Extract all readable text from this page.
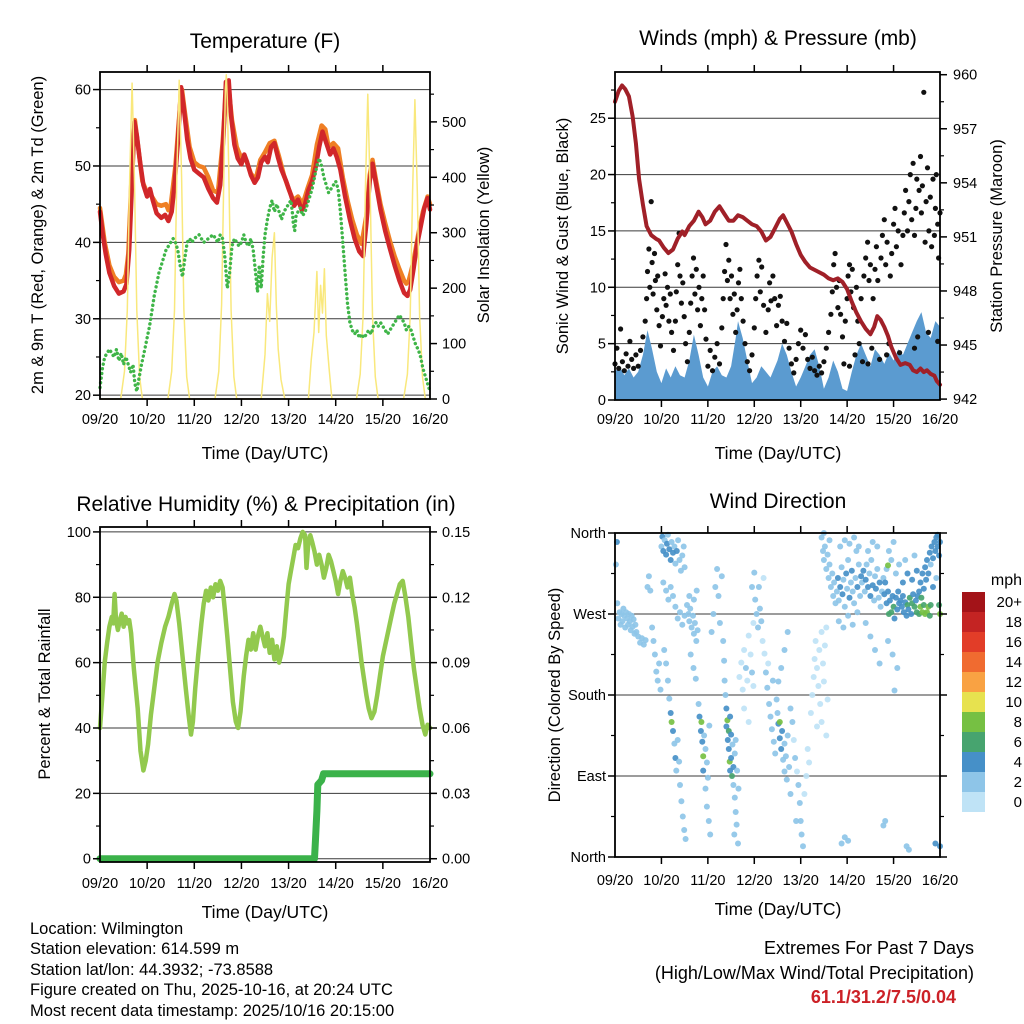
09/20 10/20 11/20 12/20 13/20 14/20 15/20 16/20
20
30
40
50
60
0
100
200
300
400
500
Temperature (F)
Time (Day/UTC)
2m & 9m T (Red, Orange) & 2m Td (Green)	Solar Insolation (Yellow)
09/20 10/20 11/20 12/20 13/20 14/20 15/20 16/20
0
5
10
15
20
25
942
945
948
951
954
957
960
Winds (mph) & Pressure (mb)
Time (Day/UTC)
Sonic Wind & Gust (Blue, Black)	Station Pressure (Maroon)
09/20 10/20 11/20 12/20 13/20 14/20 15/20 16/20
0
20
40
60
80
100
0.00
0.03
0.06
0.09
0.12
0.15
Relative Humidity (%) & Precipitation (in)
Time (Day/UTC)
Percent & Total Rainfall
09/20 10/20 11/20 12/20 13/20 14/20 15/20 16/20
North
West
South
East
North
Wind Direction
Time (Day/UTC)
Direction (Colored By Speed)
mph
20+
18
16
14
12
10
8
6
4
2
0
Location: Wilmington
Station elevation: 614.599 m
Station lat/lon: 44.3932; -73.8588
Figure created on Thu, 2025-10-16, at 20:24 UTC
Most recent data timestamp: 2025/10/16 20:15:00
Extremes For Past 7 Days
(High/Low/Max Wind/Total Precipitation)
61.1/31.2/7.5/0.04
